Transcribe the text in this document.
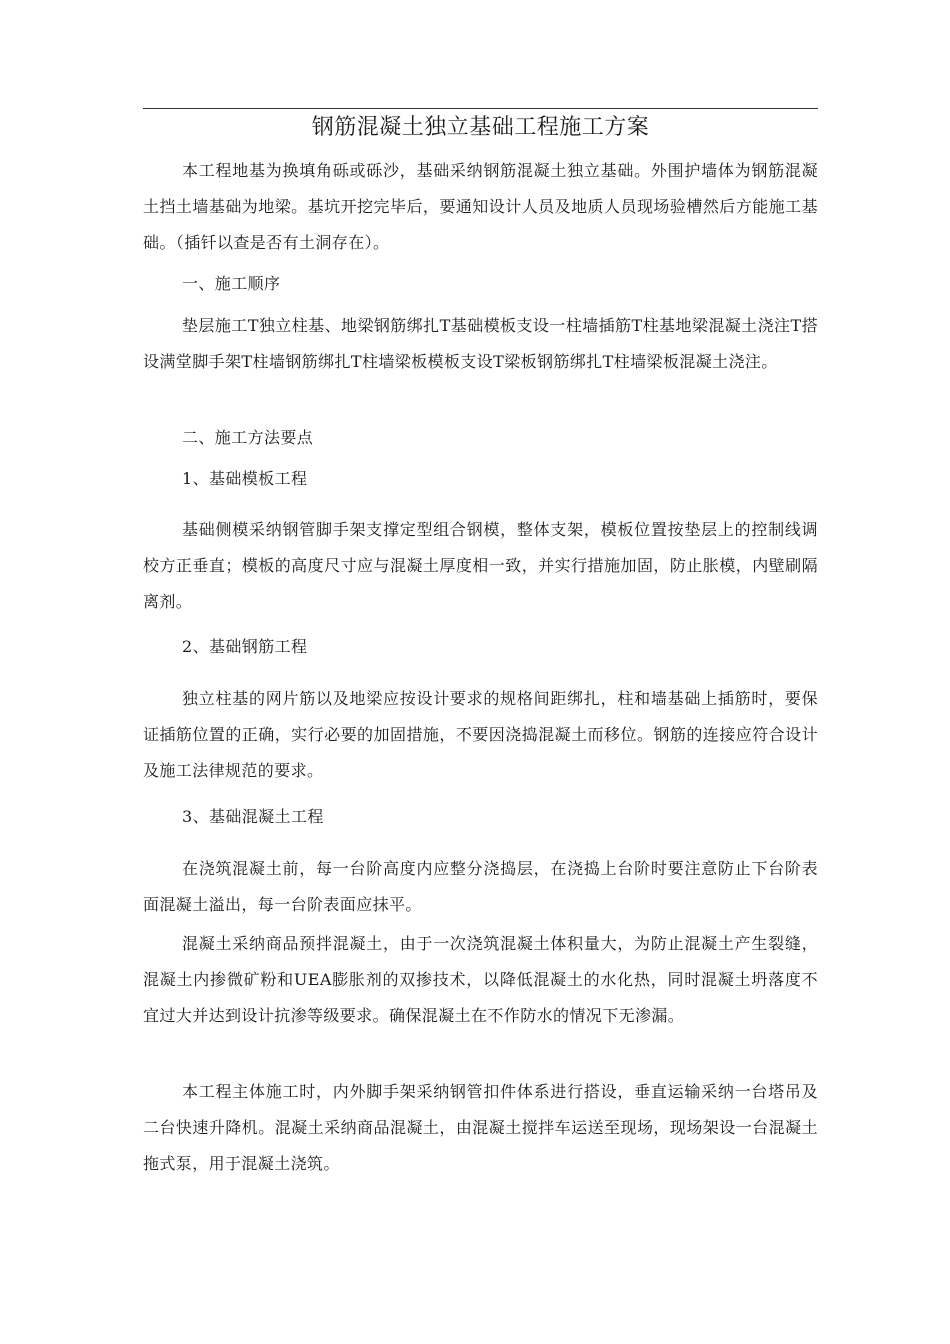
钢筋混凝土独立基础工程施工方案

本工程地基为换填角砾或砾沙，基础采纳钢筋混凝土独立基础。外围护墙体为钢筋混凝土挡土墙基础为地梁。基坑开挖完毕后，要通知设计人员及地质人员现场验槽然后方能施工基础。（插钎以查是否有土洞存在）。

一、施工顺序

垫层施工T独立柱基、地梁钢筋绑扎T基础模板支设一柱墙插筋T柱基地梁混凝土浇注T搭设满堂脚手架T柱墙钢筋绑扎T柱墙梁板模板支设T梁板钢筋绑扎T柱墙梁板混凝土浇注。

二、施工方法要点

1、基础模板工程

基础侧模采纳钢管脚手架支撑定型组合钢模，整体支架，模板位置按垫层上的控制线调校方正垂直；模板的高度尺寸应与混凝土厚度相一致，并实行措施加固，防止胀模，内壁刷隔离剂。

2、基础钢筋工程

独立柱基的网片筋以及地梁应按设计要求的规格间距绑扎，柱和墙基础上插筋时，要保证插筋位置的正确，实行必要的加固措施，不要因浇捣混凝土而移位。钢筋的连接应符合设计及施工法律规范的要求。

3、基础混凝土工程

在浇筑混凝土前，每一台阶高度内应整分浇捣层，在浇捣上台阶时要注意防止下台阶表面混凝土溢出，每一台阶表面应抹平。

混凝土采纳商品预拌混凝土，由于一次浇筑混凝土体积量大，为防止混凝土产生裂缝，混凝土内掺微矿粉和UEA膨胀剂的双掺技术，以降低混凝土的水化热，同时混凝土坍落度不宜过大并达到设计抗渗等级要求。确保混凝土在不作防水的情况下无渗漏。

本工程主体施工时，内外脚手架采纳钢管扣件体系进行搭设，垂直运输采纳一台塔吊及二台快速升降机。混凝土采纳商品混凝土，由混凝土搅拌车运送至现场，现场架设一台混凝土拖式泵，用于混凝土浇筑。
